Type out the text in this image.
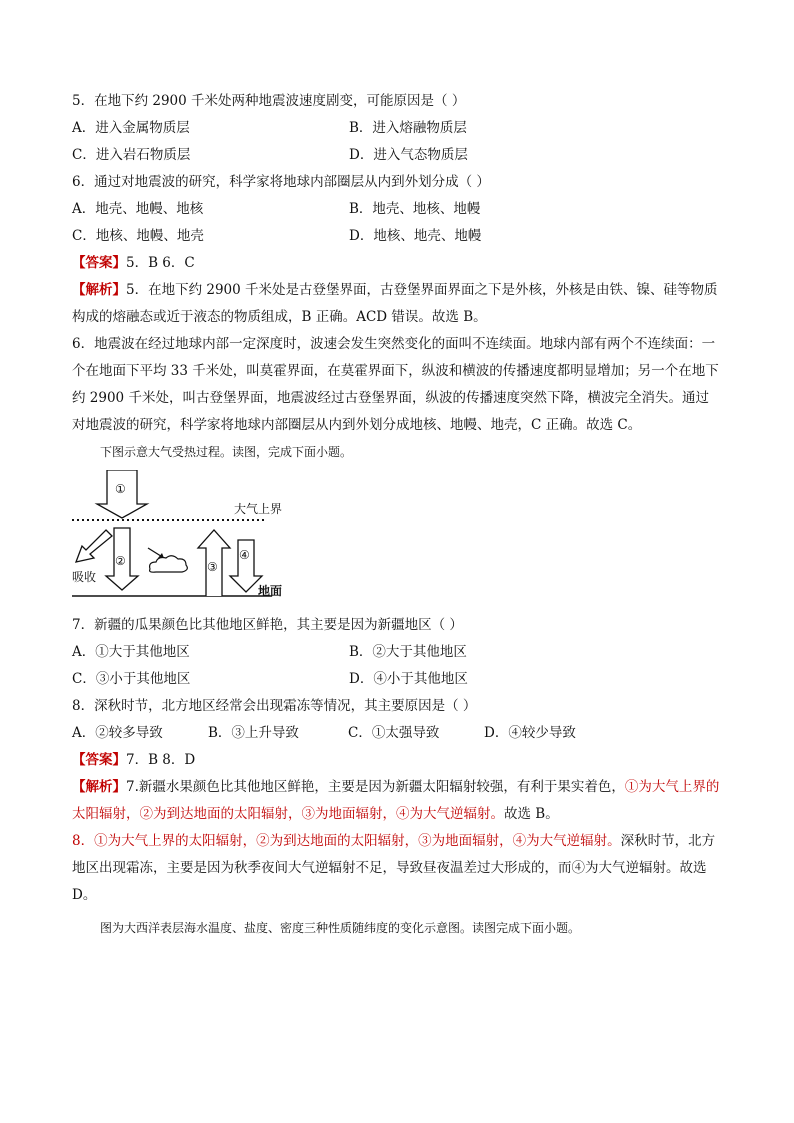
5．在地下约 2900 千米处两种地震波速度剧变，可能原因是（ ）
A．进入金属物质层	B．进入熔融物质层
C．进入岩石物质层	D．进入气态物质层
6．通过对地震波的研究，科学家将地球内部圈层从内到外划分成（ ）
A．地壳、地幔、地核	B．地壳、地核、地幔
C．地核、地幔、地壳	D．地核、地壳、地幔
【答案】5．B 6．C
【解析】5．在地下约 2900 千米处是古登堡界面，古登堡界面界面之下是外核，外核是由铁、镍、硅等物质构成的熔融态或近于液态的物质组成，B 正确。ACD 错误。故选 B。
6．地震波在经过地球内部一定深度时，波速会发生突然变化的面叫不连续面。地球内部有两个不连续面：一个在地面下平均 33 千米处，叫莫霍界面，在莫霍界面下，纵波和横波的传播速度都明显增加；另一个在地下约 2900 千米处，叫古登堡界面，地震波经过古登堡界面，纵波的传播速度突然下降，横波完全消失。通过对地震波的研究，科学家将地球内部圈层从内到外划分成地核、地幔、地壳，C 正确。故选 C。
下图示意大气受热过程。读图，完成下面小题。
①
②	③
④
大气上界
吸收
地面
7．新疆的瓜果颜色比其他地区鲜艳，其主要是因为新疆地区（ ）
A．①大于其他地区	B．②大于其他地区
C．③小于其他地区	D．④小于其他地区
8．深秋时节，北方地区经常会出现霜冻等情况，其主要原因是（ ）
A．②较多导致	B．③上升导致	C．①太强导致	D．④较少导致
【答案】7．B 8．D
【解析】7.新疆水果颜色比其他地区鲜艳，主要是因为新疆太阳辐射较强，有利于果实着色，①为大气上界的太阳辐射，②为到达地面的太阳辐射，③为地面辐射，④为大气逆辐射。故选 B。
8．①为大气上界的太阳辐射，②为到达地面的太阳辐射，③为地面辐射，④为大气逆辐射。深秋时节，北方地区出现霜冻，主要是因为秋季夜间大气逆辐射不足，导致昼夜温差过大形成的，而④为大气逆辐射。故选 D。
图为大西洋表层海水温度、盐度、密度三种性质随纬度的变化示意图。读图完成下面小题。
